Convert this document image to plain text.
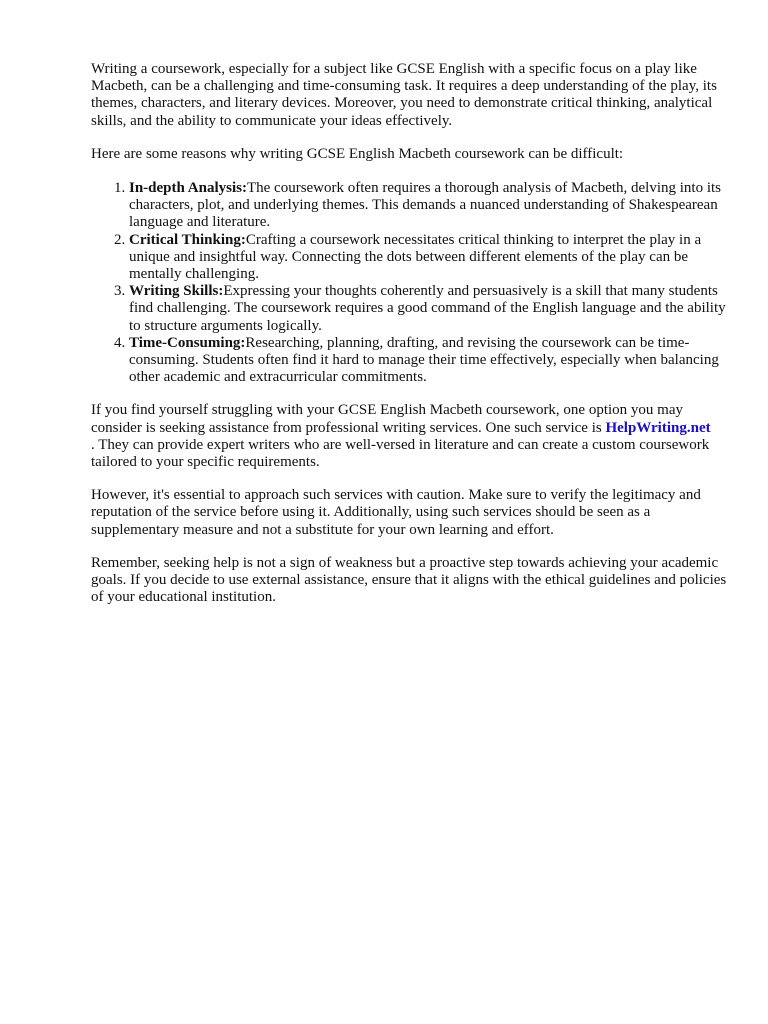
Writing a coursework, especially for a subject like GCSE English with a specific focus on a play like Macbeth, can be a challenging and time-consuming task. It requires a deep understanding of the play, its themes, characters, and literary devices. Moreover, you need to demonstrate critical thinking, analytical skills, and the ability to communicate your ideas effectively.

Here are some reasons why writing GCSE English Macbeth coursework can be difficult:

1. In-depth Analysis:The coursework often requires a thorough analysis of Macbeth, delving into its characters, plot, and underlying themes. This demands a nuanced understanding of Shakespearean language and literature.
2. Critical Thinking:Crafting a coursework necessitates critical thinking to interpret the play in a unique and insightful way. Connecting the dots between different elements of the play can be mentally challenging.
3. Writing Skills:Expressing your thoughts coherently and persuasively is a skill that many students find challenging. The coursework requires a good command of the English language and the ability to structure arguments logically.
4. Time-Consuming:Researching, planning, drafting, and revising the coursework can be time-consuming. Students often find it hard to manage their time effectively, especially when balancing other academic and extracurricular commitments.

If you find yourself struggling with your GCSE English Macbeth coursework, one option you may consider is seeking assistance from professional writing services. One such service is HelpWriting.net. They can provide expert writers who are well-versed in literature and can create a custom coursework tailored to your specific requirements.

However, it's essential to approach such services with caution. Make sure to verify the legitimacy and reputation of the service before using it. Additionally, using such services should be seen as a supplementary measure and not a substitute for your own learning and effort.

Remember, seeking help is not a sign of weakness but a proactive step towards achieving your academic goals. If you decide to use external assistance, ensure that it aligns with the ethical guidelines and policies of your educational institution.
